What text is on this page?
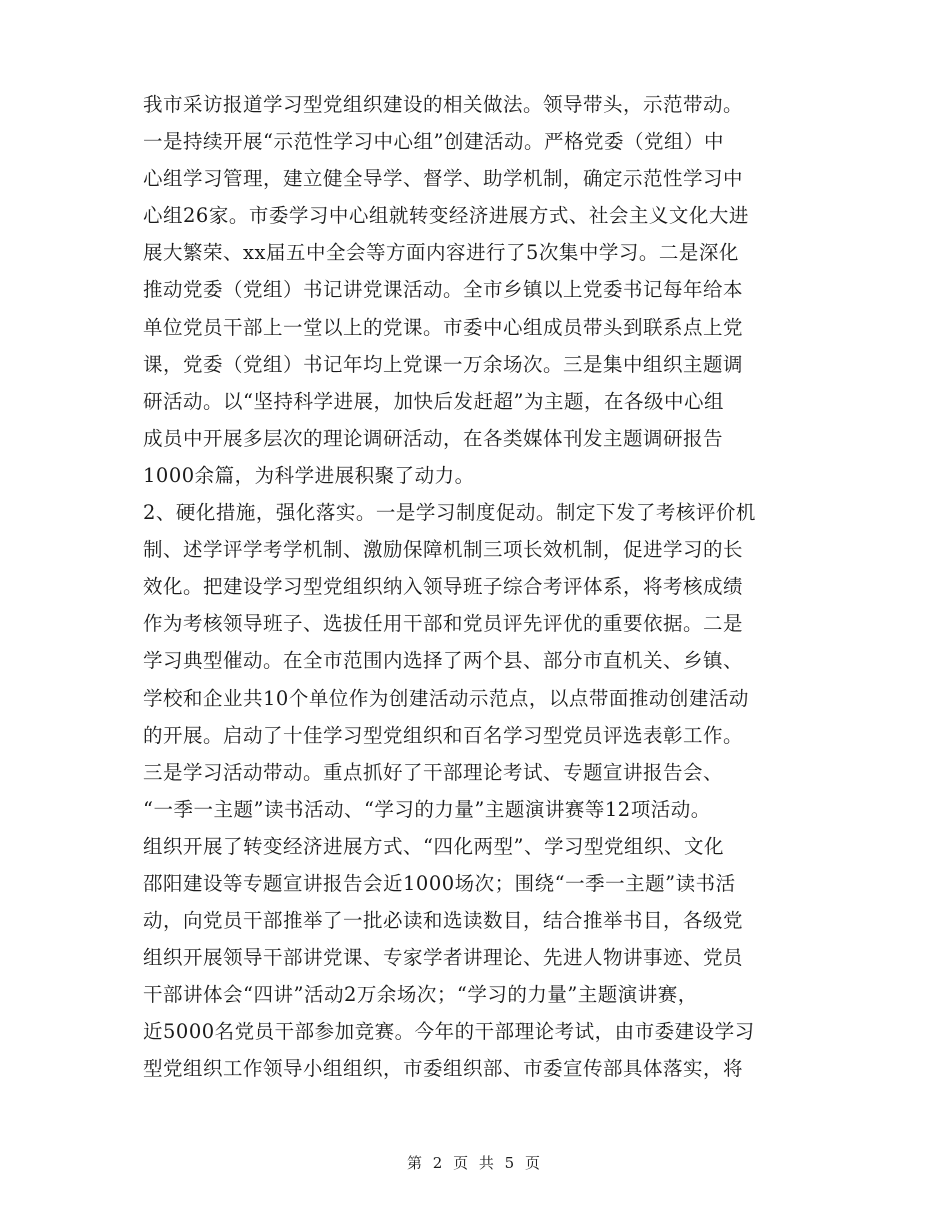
我市采访报道学习型党组织建设的相关做法。领导带头，示范带动。
一是持续开展“示范性学习中心组”创建活动。严格党委（党组）中
心组学习管理，建立健全导学、督学、助学机制，确定示范性学习中
心组26家。市委学习中心组就转变经济进展方式、社会主义文化大进
展大繁荣、xx届五中全会等方面内容进行了5次集中学习。二是深化
推动党委（党组）书记讲党课活动。全市乡镇以上党委书记每年给本
单位党员干部上一堂以上的党课。市委中心组成员带头到联系点上党
课，党委（党组）书记年均上党课一万余场次。三是集中组织主题调
研活动。以“坚持科学进展，加快后发赶超”为主题，在各级中心组
成员中开展多层次的理论调研活动，在各类媒体刊发主题调研报告
1000余篇，为科学进展积聚了动力。
2、硬化措施，强化落实。一是学习制度促动。制定下发了考核评价机
制、述学评学考学机制、激励保障机制三项长效机制，促进学习的长
效化。把建设学习型党组织纳入领导班子综合考评体系，将考核成绩
作为考核领导班子、选拔任用干部和党员评先评优的重要依据。二是
学习典型催动。在全市范围内选择了两个县、部分市直机关、乡镇、
学校和企业共10个单位作为创建活动示范点，以点带面推动创建活动
的开展。启动了十佳学习型党组织和百名学习型党员评选表彰工作。
三是学习活动带动。重点抓好了干部理论考试、专题宣讲报告会、
“一季一主题”读书活动、“学习的力量”主题演讲赛等12项活动。
组织开展了转变经济进展方式、“四化两型”、学习型党组织、文化
邵阳建设等专题宣讲报告会近1000场次；围绕“一季一主题”读书活
动，向党员干部推举了一批必读和选读数目，结合推举书目，各级党
组织开展领导干部讲党课、专家学者讲理论、先进人物讲事迹、党员
干部讲体会“四讲”活动2万余场次；“学习的力量”主题演讲赛，
近5000名党员干部参加竞赛。今年的干部理论考试，由市委建设学习
型党组织工作领导小组组织，市委组织部、市委宣传部具体落实，将
第 2 页 共 5 页
